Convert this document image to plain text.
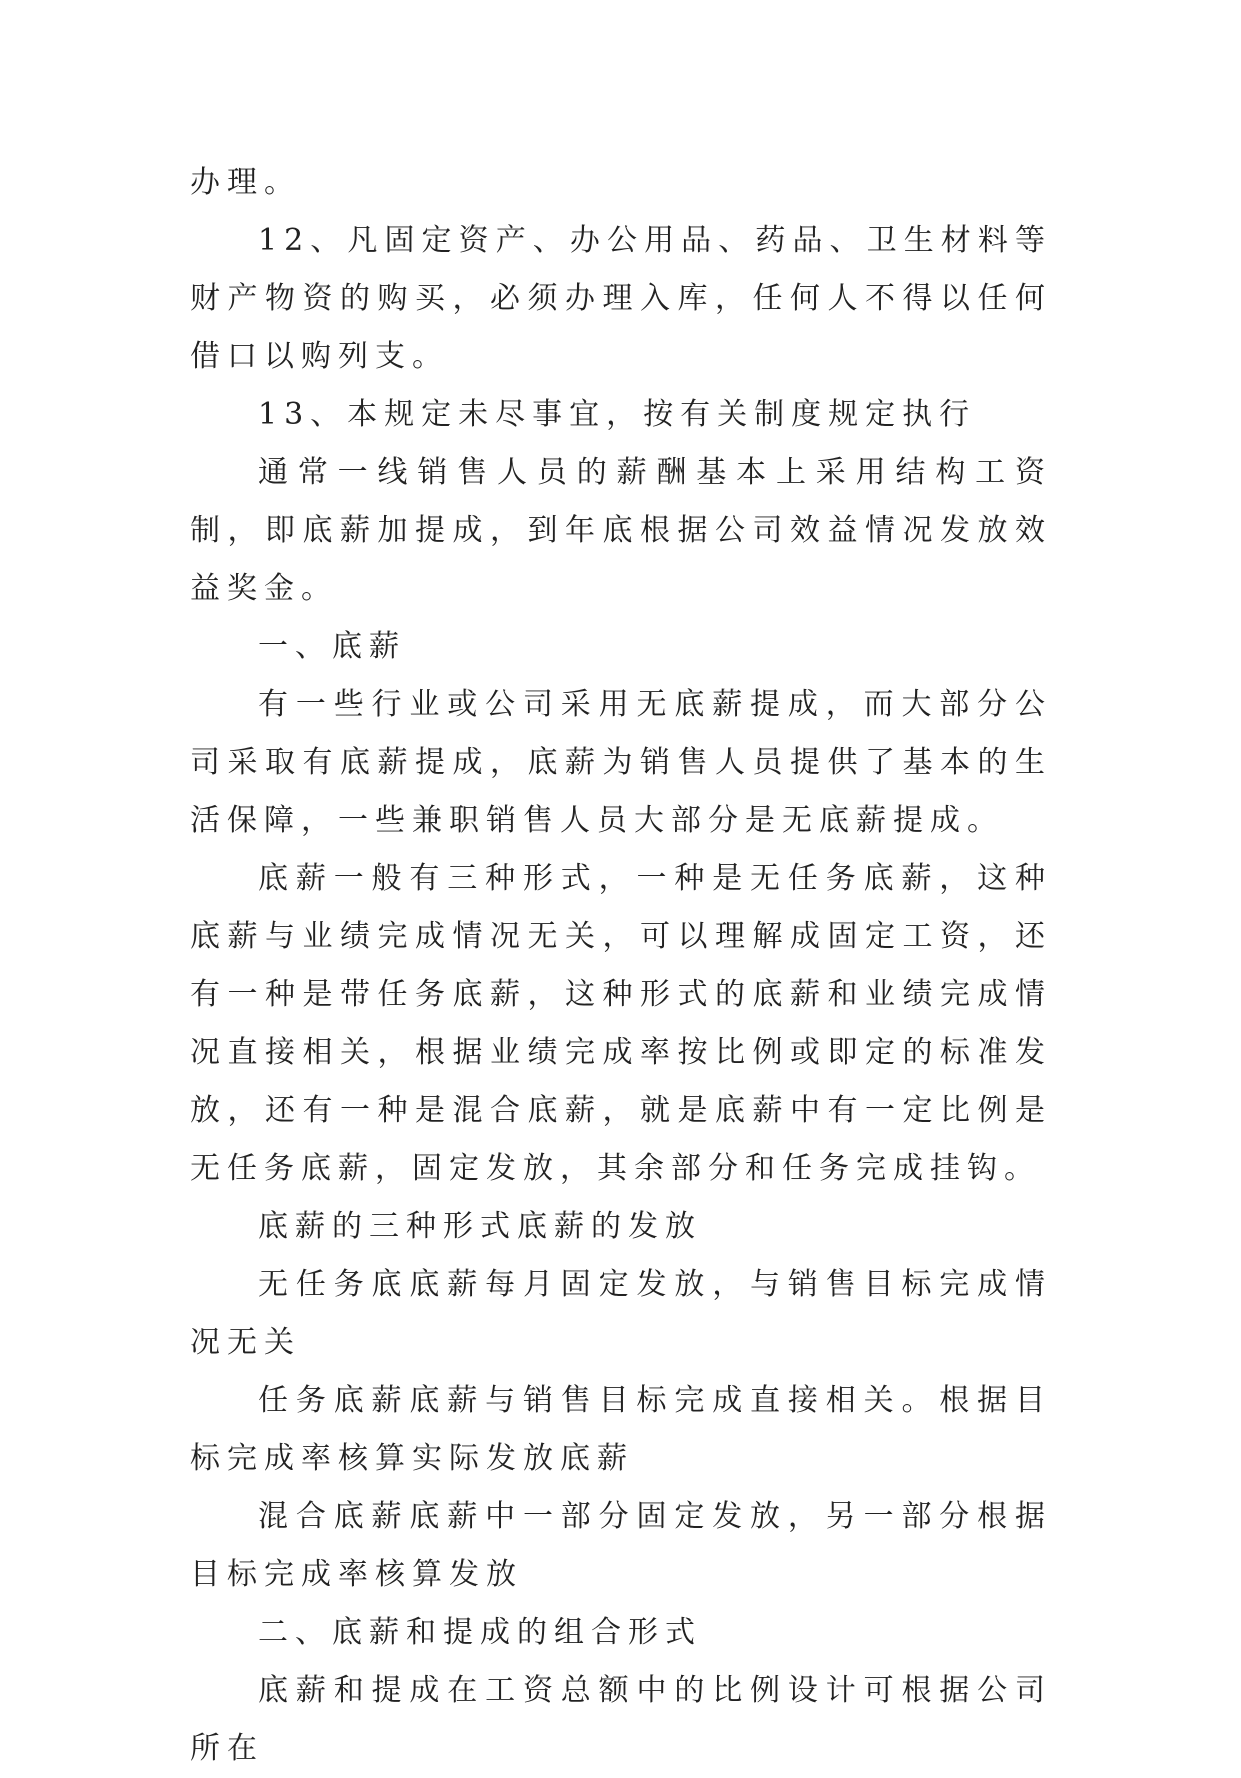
办理。

12、凡固定资产、办公用品、药品、卫生材料等财产物资的购买，必须办理入库，任何人不得以任何借口以购列支。

13、本规定未尽事宜，按有关制度规定执行

通常一线销售人员的薪酬基本上采用结构工资制，即底薪加提成，到年底根据公司效益情况发放效益奖金。

一、底薪

有一些行业或公司采用无底薪提成，而大部分公司采取有底薪提成，底薪为销售人员提供了基本的生活保障，一些兼职销售人员大部分是无底薪提成。

底薪一般有三种形式，一种是无任务底薪，这种底薪与业绩完成情况无关，可以理解成固定工资，还有一种是带任务底薪，这种形式的底薪和业绩完成情况直接相关，根据业绩完成率按比例或即定的标准发放，还有一种是混合底薪，就是底薪中有一定比例是无任务底薪，固定发放，其余部分和任务完成挂钩。

底薪的三种形式底薪的发放

无任务底底薪每月固定发放，与销售目标完成情况无关

任务底薪底薪与销售目标完成直接相关。根据目标完成率核算实际发放底薪

混合底薪底薪中一部分固定发放，另一部分根据目标完成率核算发放

二、底薪和提成的组合形式

底薪和提成在工资总额中的比例设计可根据公司所在
